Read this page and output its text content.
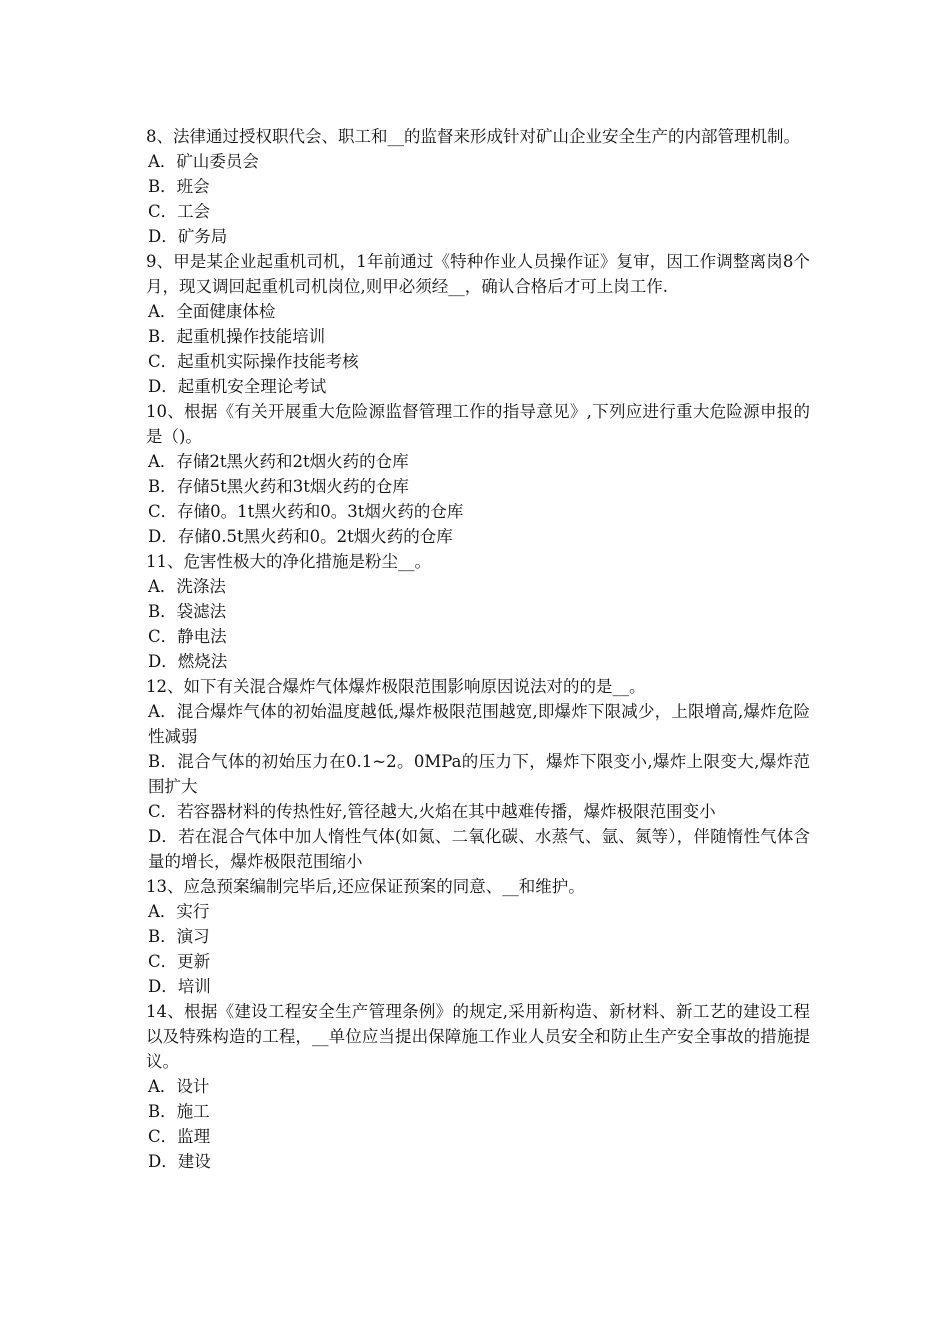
8、法律通过授权职代会、职工和__的监督来形成针对矿山企业安全生产的内部管理机制。
A．矿山委员会
B．班会
C．工会
D．矿务局
9、甲是某企业起重机司机，1年前通过《特种作业人员操作证》复审，因工作调整离岗8个月，现又调回起重机司机岗位,则甲必须经__，确认合格后才可上岗工作.
A．全面健康体检
B．起重机操作技能培训
C．起重机实际操作技能考核
D．起重机安全理论考试
10、根据《有关开展重大危险源监督管理工作的指导意见》,下列应进行重大危险源申报的是（)。
A．存储2t黑火药和2t烟火药的仓库
B．存储5t黑火药和3t烟火药的仓库
C．存储0。1t黑火药和0。3t烟火药的仓库
D．存储0.5t黑火药和0。2t烟火药的仓库
11、危害性极大的净化措施是粉尘__。
A．洗涤法
B．袋滤法
C．静电法
D．燃烧法
12、如下有关混合爆炸气体爆炸极限范围影响原因说法对的的是__。
A．混合爆炸气体的初始温度越低,爆炸极限范围越宽,即爆炸下限减少，上限增高,爆炸危险性减弱
B．混合气体的初始压力在0.1~2。0MPa的压力下，爆炸下限变小,爆炸上限变大,爆炸范围扩大
C．若容器材料的传热性好,管径越大,火焰在其中越难传播，爆炸极限范围变小
D．若在混合气体中加人惰性气体(如氮、二氧化碳、水蒸气、氩、氮等），伴随惰性气体含量的增长，爆炸极限范围缩小
13、应急预案编制完毕后,还应保证预案的同意、__和维护。
A．实行
B．演习
C．更新
D．培训
14、根据《建设工程安全生产管理条例》的规定,采用新构造、新材料、新工艺的建设工程以及特殊构造的工程，__单位应当提出保障施工作业人员安全和防止生产安全事故的措施提议。
A．设计
B．施工
C．监理
D．建设
